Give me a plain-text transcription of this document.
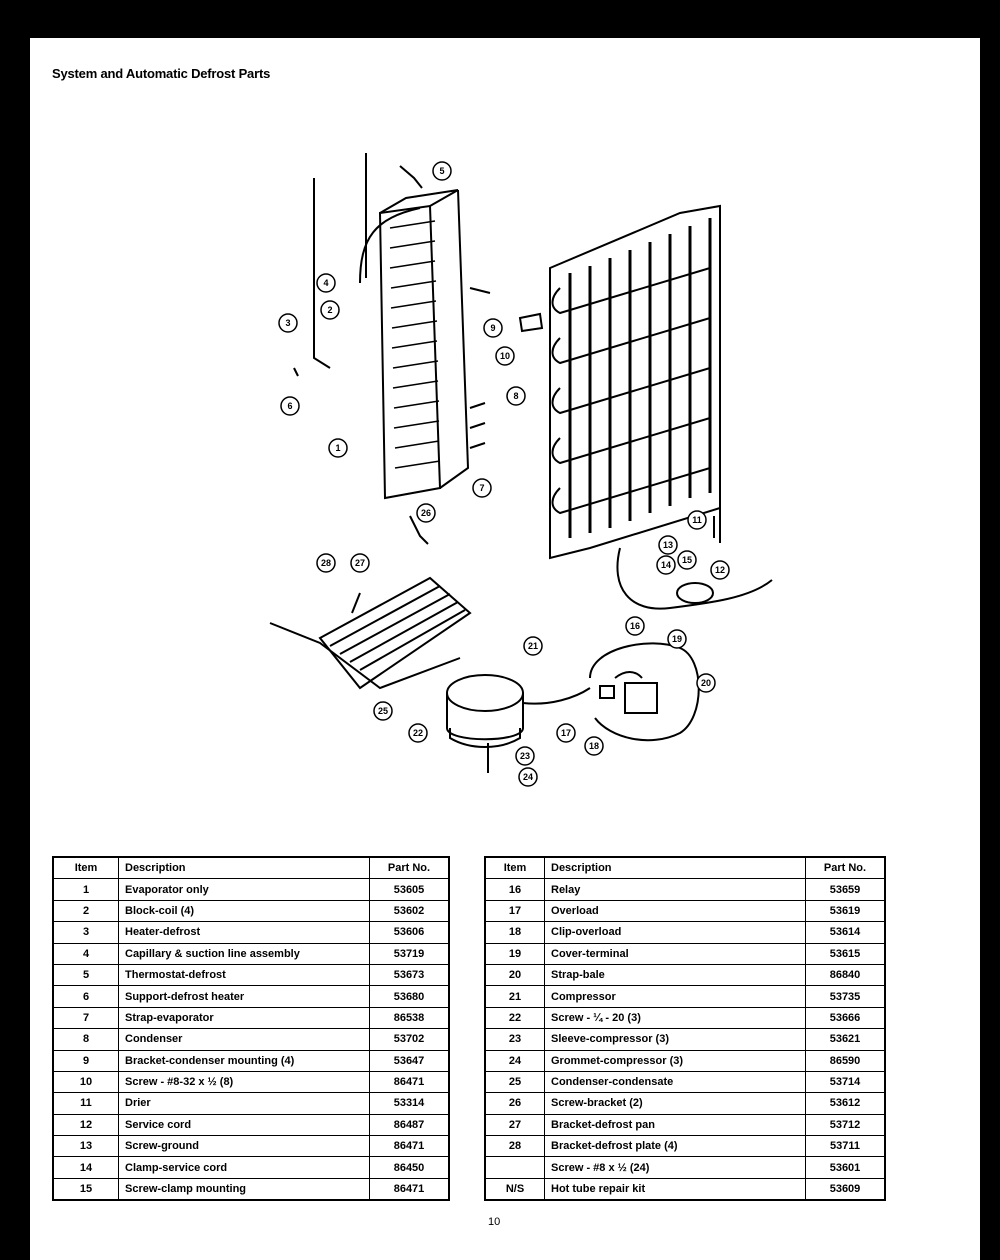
System and Automatic Defrost Parts
1
2
3
4
5
6
7
8
9
10
11
12
13
14 15
16
17
18
19
20
21
22
23
24
25
26
27
28
Item	Description	Part No.
1	Evaporator only	53605
2	Block-coil (4)	53602
3	Heater-defrost	53606
4	Capillary & suction line assembly	53719
5	Thermostat-defrost	53673
6	Support-defrost heater	53680
7	Strap-evaporator	86538
8	Condenser	53702
9	Bracket-condenser mounting (4)	53647
10	Screw - #8-32 x ½ (8)	86471
11	Drier	53314
12	Service cord	86487
13	Screw-ground	86471
14	Clamp-service cord	86450
15	Screw-clamp mounting	86471
Item	Description	Part No.
16	Relay	53659
17	Overload	53619
18	Clip-overload	53614
19	Cover-terminal	53615
20	Strap-bale	86840
21	Compressor	53735
22	Screw - ¼ - 20 (3)	53666
23	Sleeve-compressor (3)	53621
24	Grommet-compressor (3)	86590
25	Condenser-condensate	53714
26	Screw-bracket (2)	53612
27	Bracket-defrost pan	53712
28	Bracket-defrost plate (4)	53711
	Screw - #8 x ½ (24)	53601
N/S	Hot tube repair kit	53609
10
